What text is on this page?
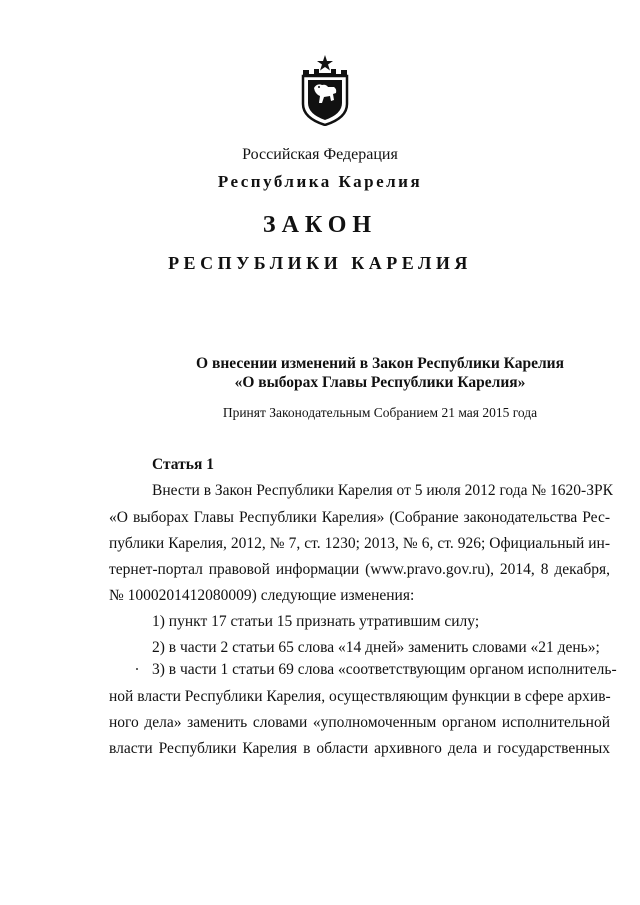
Российская Федерация
Республика Карелия
ЗАКОН
РЕСПУБЛИКИ КАРЕЛИЯ
О внесении изменений в Закон Республики Карелия
«О выборах Главы Республики Карелия»
Принят Законодательным Собранием 21 мая 2015 года
Статья 1
Внести в Закон Республики Карелия от 5 июля 2012 года № 1620-ЗРК
«О выборах Главы Республики Карелия» (Собрание законодательства Рес-
публики Карелия, 2012, № 7, ст. 1230; 2013, № 6, ст. 926; Официальный ин-
тернет-портал правовой информации (www.pravo.gov.ru), 2014, 8 декабря,
№ 1000201412080009) следующие изменения:
1) пункт 17 статьи 15 признать утратившим силу;
2) в части 2 статьи 65 слова «14 дней» заменить словами «21 день»;
3) в части 1 статьи 69 слова «соответствующим органом исполнитель-
ной власти Республики Карелия, осуществляющим функции в сфере архив-
ного дела» заменить словами «уполномоченным органом исполнительной
власти Республики Карелия в области архивного дела и государственных
